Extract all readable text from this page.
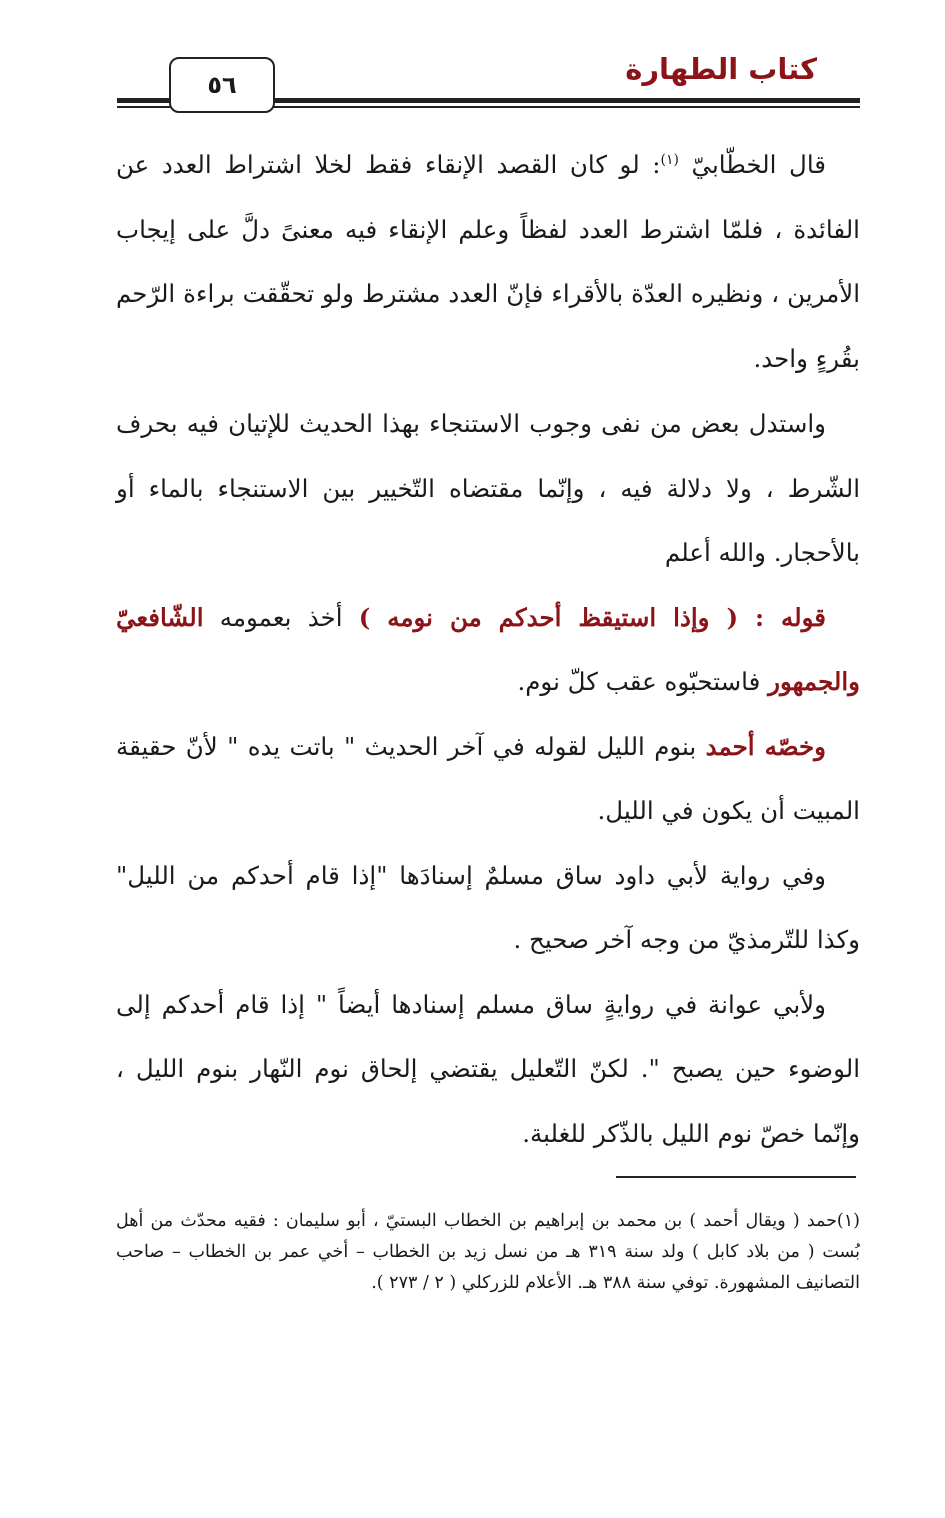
كتاب الطهارة
٥٦

قال الخطّابيّ $^{(١)}$: لو كان القصد الإنقاء فقط لخلا اشتراط العدد عن الفائدة ، فلمّا اشترط العدد لفظاً وعلم الإنقاء فيه معنىً دلَّ على إيجاب الأمرين ، ونظيره العدّة بالأقراء فإنّ العدد مشترط ولو تحقّقت براءة الرّحم بقُرءٍ واحد.

واستدل بعض من نفى وجوب الاستنجاء بهذا الحديث للإتيان فيه بحرف الشّرط ، ولا دلالة فيه ، وإنّما مقتضاه التّخيير بين الاستنجاء بالماء أو بالأحجار. والله أعلم

قوله : ( وإذا استيقظ أحدكم من نومه ) أخذ بعمومه الشّافعيّ والجمهور فاستحبّوه عقب كلّ نوم.

وخصّه أحمد بنوم الليل لقوله في آخر الحديث " باتت يده " لأنّ حقيقة المبيت أن يكون في الليل.

وفي رواية لأبي داود ساق مسلمٌ إسنادَها "إذا قام أحدكم من الليل" وكذا للتّرمذيّ من وجه آخر صحيح .

ولأبي عوانة في روايةٍ ساق مسلم إسنادها أيضاً " إذا قام أحدكم إلى الوضوء حين يصبح ". لكنّ التّعليل يقتضي إلحاق نوم النّهار بنوم الليل ، وإنّما خصّ نوم الليل بالذّكر للغلبة.

(١)حمد ( ويقال أحمد ) بن محمد بن إبراهيم بن الخطاب البستيّ ، أبو سليمان : فقيه محدّث من أهل بُست ( من بلاد كابل ) ولد سنة ٣١٩ هـ من نسل زيد بن الخطاب – أخي عمر بن الخطاب – صاحب التصانيف المشهورة. توفي سنة ٣٨٨ هـ. الأعلام للزركلي ( ٢ / ٢٧٣ ).
